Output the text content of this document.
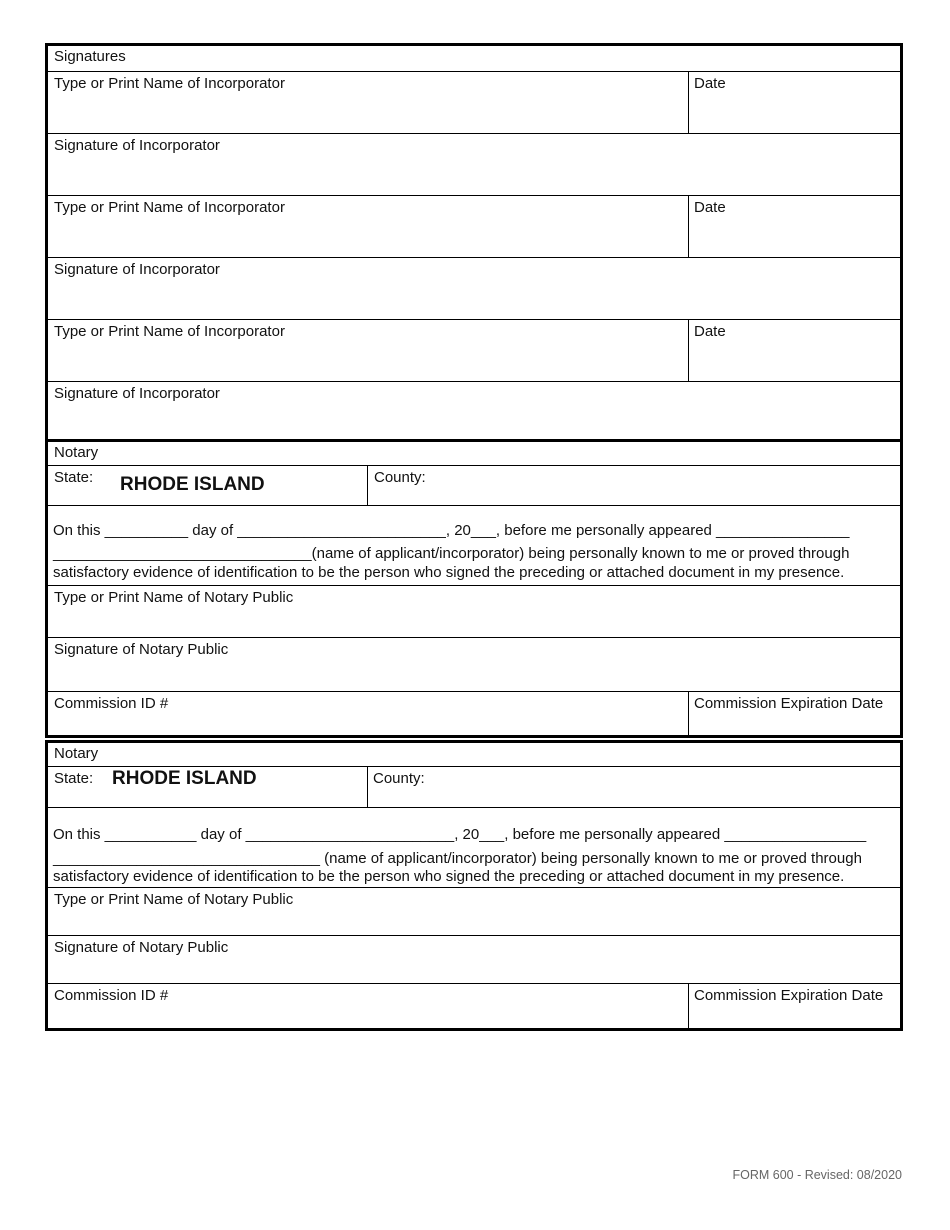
Signatures
Type or Print Name of Incorporator	Date
Signature of Incorporator
Type or Print Name of Incorporator	Date
Signature of Incorporator
Type or Print Name of Incorporator	Date
Signature of Incorporator
Notary
State: RHODE ISLAND	County:
On this __________ day of _________________________, 20___, before me personally appeared ________________
_______________________________(name of applicant/incorporator) being personally known to me or proved through
satisfactory evidence of identification to be the person who signed the preceding or attached document in my presence.
Type or Print Name of Notary Public
Signature of Notary Public
Commission ID #	Commission Expiration Date
Notary
State: RHODE ISLAND	County:
On this ___________ day of _________________________, 20___, before me personally appeared _________________
________________________________ (name of applicant/incorporator) being personally known to me or proved through
satisfactory evidence of identification to be the person who signed the preceding or attached document in my presence.
Type or Print Name of Notary Public
Signature of Notary Public
Commission ID #	Commission Expiration Date
FORM 600 - Revised: 08/2020
